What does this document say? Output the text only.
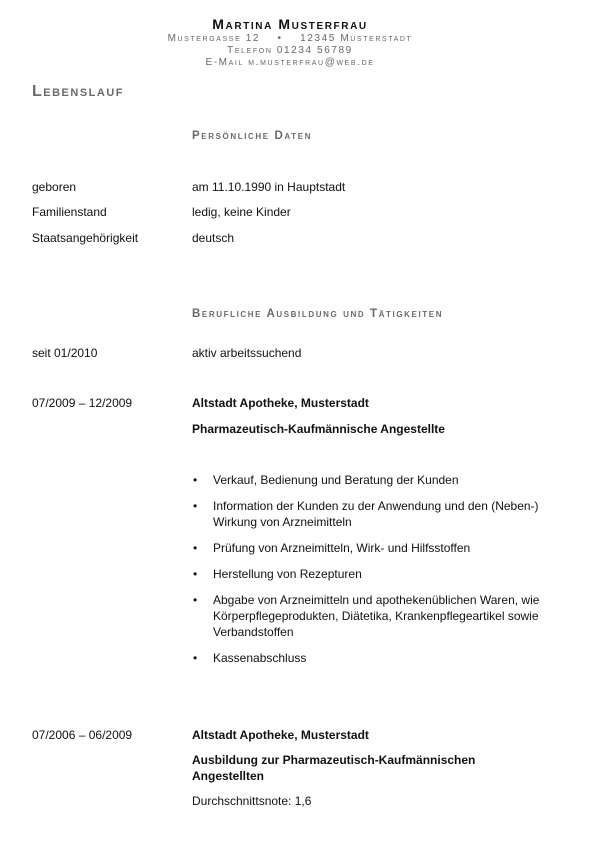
Martina Musterfrau
Mustergasse 12    •    12345 Musterstadt
Telefon 01234 56789
E-Mail m.musterfrau@web.de
Lebenslauf
Persönliche Daten
geboren	am 11.10.1990 in Hauptstadt
Familienstand	ledig, keine Kinder
Staatsangehörigkeit	deutsch
Berufliche Ausbildung und Tätigkeiten
seit 01/2010	aktiv arbeitssuchend
07/2009 – 12/2009	Altstadt Apotheke, Musterstadt
Pharmazeutisch-Kaufmännische Angestellte
• Verkauf, Bedienung und Beratung der Kunden
• Information der Kunden zu der Anwendung und den (Neben-) Wirkung von Arzneimitteln
• Prüfung von Arzneimitteln, Wirk- und Hilfsstoffen
• Herstellung von Rezepturen
• Abgabe von Arzneimitteln und apothekenüblichen Waren, wie Körperpflegeprodukten, Diätetika, Krankenpflegeartikel sowie Verbandstoffen
• Kassenabschluss
07/2006 – 06/2009	Altstadt Apotheke, Musterstadt
Ausbildung zur Pharmazeutisch-Kaufmännischen Angestellten
Durchschnittsnote: 1,6
